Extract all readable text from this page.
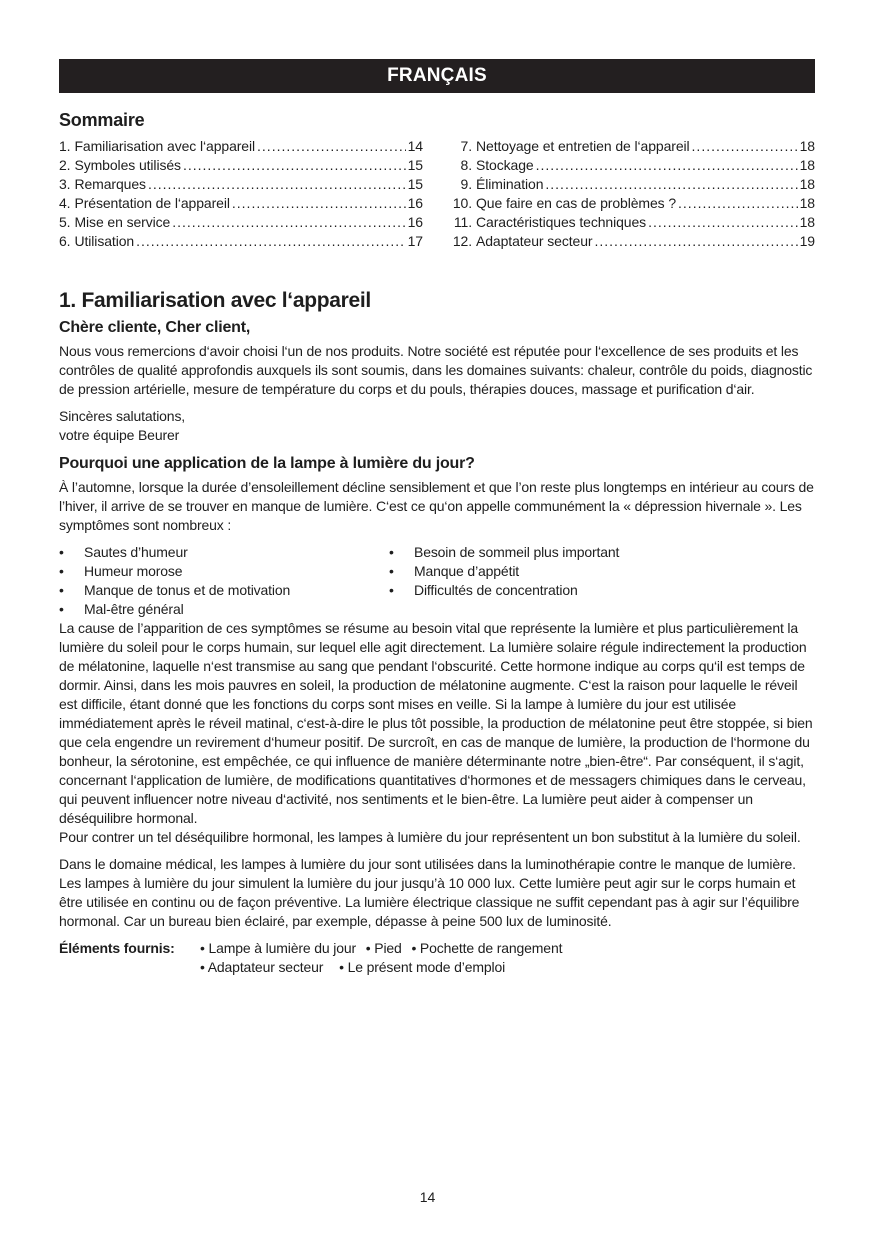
FRANÇAIS
Sommaire
1. Familiarisation avec l‘appareil .....	14
2. Symboles utilisés .....	15
3. Remarques .....	15
4. Présentation de l‘appareil .....	16
5. Mise en service .....	16
6. Utilisation .....	17
7. Nettoyage et entretien de l‘appareil .....	18
8. Stockage .....	18
9. Élimination .....	18
10. Que faire en cas de problèmes ? .....	18
11. Caractéristiques techniques .....	18
12. Adaptateur secteur .....	19
1. Familiarisation avec l‘appareil
Chère cliente, Cher client,

Nous vous remercions d‘avoir choisi l‘un de nos produits. Notre société est réputée pour l‘excellence de ses produits et les contrôles de qualité approfondis auxquels ils sont soumis, dans les domaines suivants: chaleur, contrôle du poids, diagnostic de pression artérielle, mesure de température du corps et du pouls, thérapies douces, massage et purification d‘air.

Sincères salutations,
votre équipe Beurer

Pourquoi une application de la lampe à lumière du jour?

À l’automne, lorsque la durée d’ensoleillement décline sensiblement et que l’on reste plus longtemps en intérieur au cours de l’hiver, il arrive de se trouver en manque de lumière. C‘est ce qu‘on appelle communément la « dépression hivernale ». Les symptômes sont nombreux :

•	Sautes d’humeur
•	Humeur morose
•	Manque de tonus et de motivation
•	Mal-être général
•	Besoin de sommeil plus important
•	Manque d’appétit
•	Difficultés de concentration

La cause de l’apparition de ces symptômes se résume au besoin vital que représente la lumière et plus particulièrement la lumière du soleil pour le corps humain, sur lequel elle agit directement. La lumière solaire régule indirectement la production de mélatonine, laquelle n‘est transmise au sang que pendant l‘obscurité. Cette hormone indique au corps qu‘il est temps de dormir. Ainsi, dans les mois pauvres en soleil, la production de mélatonine augmente. C‘est la raison pour laquelle le réveil est difficile, étant donné que les fonctions du corps sont mises en veille. Si la lampe à lumière du jour est utilisée immédiatement après le réveil matinal, c‘est-à-dire le plus tôt possible, la production de mélatonine peut être stoppée, si bien que cela engendre un revirement d‘humeur positif. De surcroît, en cas de manque de lumière, la production de l‘hormone du bonheur, la sérotonine, est empêchée, ce qui influence de manière déterminante notre „bien-être“. Par conséquent, il s‘agit, concernant l‘application de lumière, de modifications quantitatives d‘hormones et de messagers chimiques dans le cerveau, qui peuvent influencer notre niveau d‘activité, nos sentiments et le bien-être. La lumière peut aider à compenser un déséquilibre hormonal.

Pour contrer un tel déséquilibre hormonal, les lampes à lumière du jour représentent un bon substitut à la lumière du soleil.

Dans le domaine médical, les lampes à lumière du jour sont utilisées dans la luminothérapie contre le manque de lumière. Les lampes à lumière du jour simulent la lumière du jour jusqu’à 10 000 lux. Cette lumière peut agir sur le corps humain et être utilisée en continu ou de façon préventive. La lumière électrique classique ne suffit cependant pas à agir sur l’équilibre hormonal. Car un bureau bien éclairé, par exemple, dépasse à peine 500 lux de luminosité.

Éléments fournis:	• Lampe à lumière du jour • Pied • Pochette de rangement
• Adaptateur secteur • Le présent mode d’emploi
14
